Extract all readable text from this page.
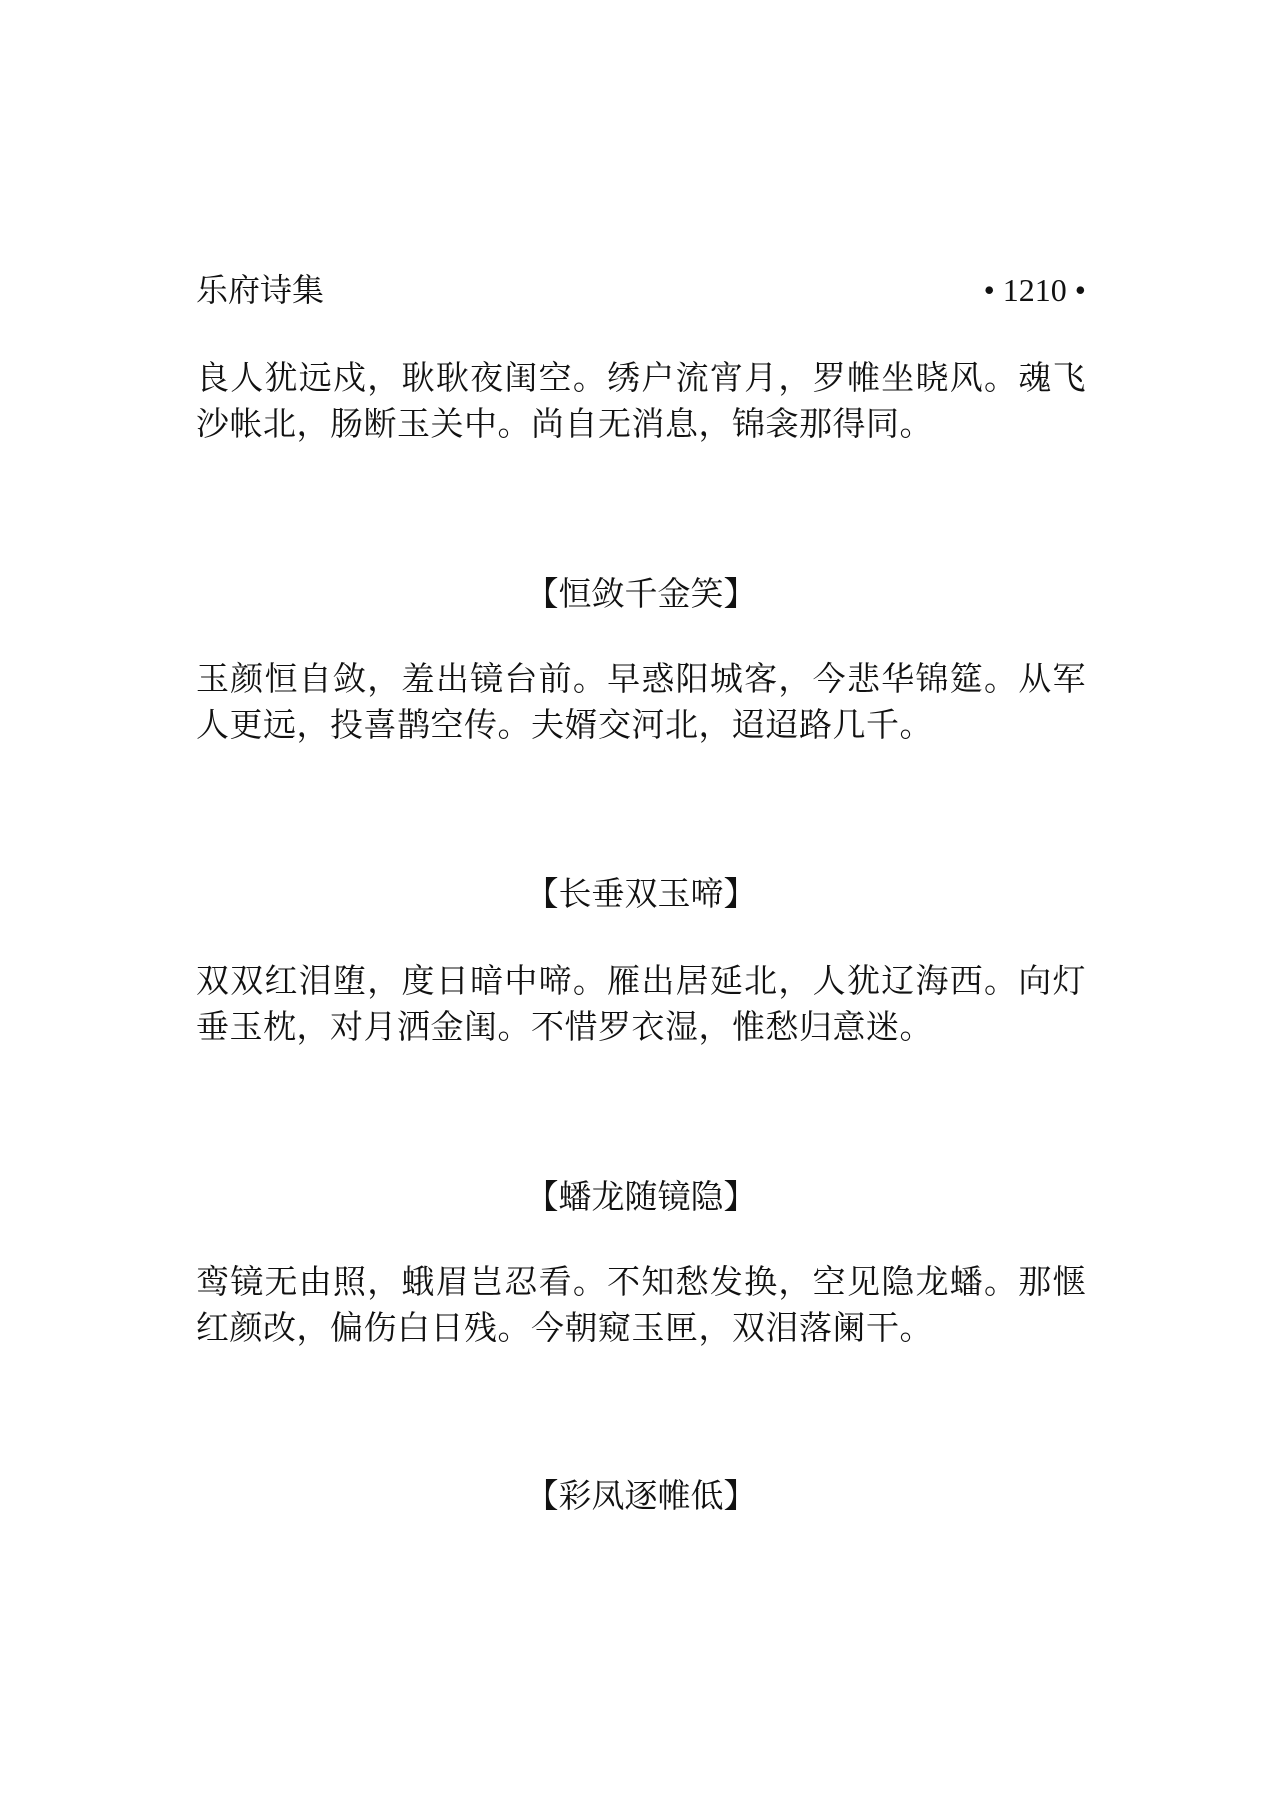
乐府诗集	• 1210 •

良人犹远戍，耿耿夜闺空。绣户流宵月，罗帷坐晓风。魂飞沙帐北，肠断玉关中。尚自无消息，锦衾那得同。

【恒敛千金笑】

玉颜恒自敛，羞出镜台前。早惑阳城客，今悲华锦筵。从军人更远，投喜鹊空传。夫婿交河北，迢迢路几千。

【长垂双玉啼】

双双红泪堕，度日暗中啼。雁出居延北，人犹辽海西。向灯垂玉枕，对月洒金闺。不惜罗衣湿，惟愁归意迷。

【蟠龙随镜隐】

鸾镜无由照，蛾眉岂忍看。不知愁发换，空见隐龙蟠。那惬红颜改，偏伤白日残。今朝窥玉匣，双泪落阑干。

【彩凤逐帷低】
